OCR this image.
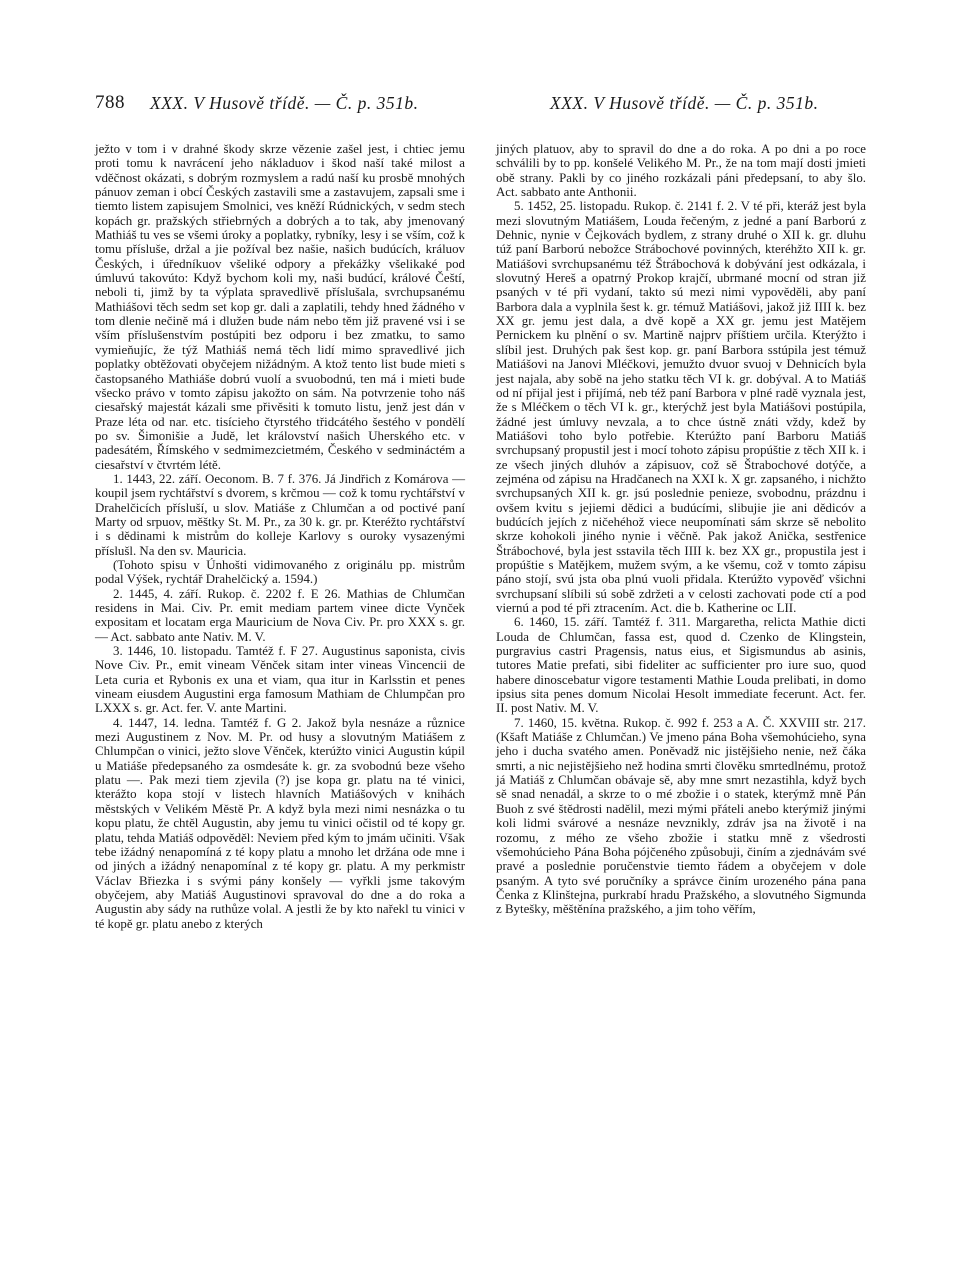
788 XXX. V Husově třídě. — Č. p. 351b.	XXX. V Husově třídě. — Č. p. 351b.

ježto v tom i v drahné škody skrze vězenie zašel jest, i chtiec jemu proti tomu k navrácení jeho nákladuov i škod naší také milost a vděčnost okázati, s dobrým rozmyslem a radú naší ku prosbě mnohých pánuov zeman i obcí Českých zastavili sme a zastavujem, zapsali sme i tiemto listem zapisujem Smolnici, ves kněží Rúdnických, v sedm stech kopách gr. pražských střiebrných a dobrých a to tak, aby jmenovaný Mathiáš tu ves se všemi úroky a poplatky, rybníky, lesy i se vším, což k tomu přísluše, držal a jie požíval bez našie, našich budúcích, králuov Českých, i úředníkuov všeliké odpory a překážky všelikaké pod úmluvú takovúto: Když bychom koli my, naši budúcí, králové Čeští, neboli ti, jimž by ta výplata spravedlivě příslušala, svrchupsanému Mathiášovi těch sedm set kop gr. dali a zaplatili, tehdy hned žádného v tom dlenie nečině má i dlužen bude nám nebo těm již pravené vsi i se vším příslušenstvím postúpiti bez odporu i bez zmatku, to samo vymieňujíc, že týž Mathiáš nemá těch lidí mimo spravedlivé jich poplatky obtěžovati obyčejem nižádným. A ktož tento list bude mieti s častopsaného Mathiáše dobrú vuolí a svuobodnú, ten má i mieti bude všecko právo v tomto zápisu jakožto on sám. Na potvrzenie toho náš ciesařský majestát kázali sme přivěsiti k tomuto listu, jenž jest dán v Praze léta od nar. etc. tisícieho čtyrstého třidcátého šestého v pondělí po sv. Šimonišie a Judě, let království našich Uherského etc. v padesátém, Římského v sedmimezcietmém, Českého v sedmináctém a ciesařství v čtvrtém létě.

1. 1443, 22. září. Oeconom. B. 7 f. 376. Já Jindřich z Komárova — koupil jsem rychtářství s dvorem, s krčmou — což k tomu rychtářství v Drahelčicích přísluší, u slov. Matiáše z Chlumčan a od poctivé paní Marty od srpuov, měštky St. M. Pr., za 30 k. gr. pr. Kteréžto rychtářství i s dědinami k mistrům do kolleje Karlovy s ouroky vysazenými příslušl. Na den sv. Mauricia.

(Tohoto spisu v Únhošti vidimovaného z originálu pp. mistrům podal Výšek, rychtář Drahelčický a. 1594.)

2. 1445, 4. září. Rukop. č. 2202 f. E 26. Mathias de Chlumčan residens in Mai. Civ. Pr. emit mediam partem vinee dicte Vynček expositam et locatam erga Mauricium de Nova Civ. Pr. pro XXX s. gr. — Act. sabbato ante Nativ. M. V.

3. 1446, 10. listopadu. Tamtéž f. F 27. Augustinus saponista, civis Nove Civ. Pr., emit vineam Věnček sitam inter vineas Vincencii de Leta curia et Rybonis ex una et viam, qua itur in Karlsstin et penes vineam eiusdem Augustini erga famosum Mathiam de Chlumpčan pro LXXX s. gr. Act. fer. V. ante Martini.

4. 1447, 14. ledna. Tamtéž f. G 2. Jakož byla nesnáze a různice mezi Augustinem z Nov. M. Pr. od husy a slovutným Matiášem z Chlumpčan o vinici, ježto slove Věnček, kterúžto vinici Augustin kúpil u Matiáše předepsaného za osmdesáte k. gr. za svobodnú beze všeho platu —. Pak mezi tiem zjevila (?) jse kopa gr. platu na té vinici, kterážto kopa stojí v listech hlavních Matiášových v knihách městských v Velikém Městě Pr. A když byla mezi nimi nesnázka o tu kopu platu, že chtěl Augustin, aby jemu tu vinici očistil od té kopy gr. platu, tehda Matiáš odpověděl: Neviem před kým to jmám učiniti. Však tebe ižádný nenapomíná z té kopy platu a mnoho let držána ode mne i od jiných a ižádný nenapomínal z té kopy gr. platu. A my perkmistr Václav Břiezka i s svými pány konšely — vyřkli jsme takovým obyčejem, aby Matiáš Augustinovi spravoval do dne a do roka a Augustin aby sády na ruthůze volal. A jestli že by kto nařekl tu vinici v té kopě gr. platu anebo z kterých

jiných platuov, aby to spravil do dne a do roka. A po dni a po roce schválili by to pp. konšelé Velikého M. Pr., že na tom mají dosti jmieti obě strany. Pakli by co jiného rozkázali páni předepsaní, to aby šlo. Act. sabbato ante Anthonii.

5. 1452, 25. listopadu. Rukop. č. 2141 f. 2. V té při, kteráž jest byla mezi slovutným Matiášem, Louda řečeným, z jedné a paní Barború z Dehnic, nynie v Čejkovách bydlem, z strany druhé o XII k. gr. dluhu túž paní Barború nebožce Strábochové povinných, kteréhžto XII k. gr. Matiášovi svrchupsanému též Štrábochová k dobývání jest odkázala, i slovutný Hereš a opatrný Prokop krajčí, ubrmané mocní od stran již psaných v té při vydaní, takto sú mezi nimi vypověděli, aby paní Barbora dala a vyplnila šest k. gr. témuž Matiášovi, jakož již IIII k. bez XX gr. jemu jest dala, a dvě kopě a XX gr. jemu jest Matějem Pernickem ku plnění o sv. Martině najprv příštiem určila. Kterýžto i slíbil jest. Druhých pak šest kop. gr. paní Barbora sstúpila jest témuž Matiášovi na Janovi Mléčkovi, jemužto dvuor svuoj v Dehnicích byla jest najala, aby sobě na jeho statku těch VI k. gr. dobýval. A to Matiáš od ní přijal jest i přijímá, neb též paní Barbora v plné radě vyznala jest, že s Mléčkem o těch VI k. gr., kterýchž jest byla Matiášovi postúpila, žádné jest úmluvy nevzala, a to chce ústně znáti vždy, kdež by Matiášovi toho bylo potřebie. Kterúžto paní Barboru Matiáš svrchupsaný propustil jest i mocí tohoto zápisu propúštie z těch XII k. i ze všech jiných dluhóv a zápisuov, což sě Štrabochové dotýče, a zejména od zápisu na Hradčanech na XXI k. X gr. zapsaného, i nichžto svrchupsaných XII k. gr. jsú poslednie penieze, svobodnu, prázdnu i ovšem kvitu s jejiemi dědici a budúcími, slibujie jie ani dědicóv a budúcích jejích z ničehéhož viece neupomínati sám skrze sě nebolito skrze kohokoli jiného nynie i věčně. Pak jakož Anička, sestřenice Štrábochové, byla jest sstavila těch IIII k. bez XX gr., propustila jest i propúštie s Matějkem, mužem svým, a ke všemu, což v tomto zápisu páno stojí, svú jsta oba plnú vuoli přidala. Kterúžto vypověď všichni svrchupsaní slíbili sú sobě zdržeti a v celosti zachovati pode ctí a pod viernú a pod té při ztracením. Act. die b. Katherine oc LII.

6. 1460, 15. září. Tamtéž f. 311. Margaretha, relicta Mathie dicti Louda de Chlumčan, fassa est, quod d. Czenko de Klingstein, purgravius castri Pragensis, natus eius, et Sigismundus ab asinis, tutores Matie prefati, sibi fideliter ac sufficienter pro iure suo, quod habere dinoscebatur vigore testamenti Mathie Louda prelibati, in domo ipsius sita penes domum Nicolai Hesolt immediate fecerunt. Act. fer. II. post Nativ. M. V.

7. 1460, 15. května. Rukop. č. 992 f. 253 a A. Č. XXVIII str. 217. (Kšaft Matiáše z Chlumčan.) Ve jmeno pána Boha všemohúcieho, syna jeho i ducha svatého amen. Poněvadž nic jistějšieho nenie, než čáka smrti, a nic nejistějšieho než hodina smrti člověku smrtedlnému, protož já Matiáš z Chlumčan obávaje sě, aby mne smrt nezastihla, když bych sě snad nenadál, a skrze to o mé zbožie i o statek, kterýmž mně Pán Buoh z své štědrosti nadělil, mezi mými přáteli anebo kterýmiž jinými koli lidmi svárové a nesnáze nevznikly, zdráv jsa na životě i na rozomu, z mého ze všeho zbožie i statku mně z všedrosti všemohúcieho Pána Boha pójčeného způsobuji, činím a zjednávám své pravé a poslednie poručenstvie tiemto řádem a obyčejem v dole psaným. A tyto své poručníky a správce činím urozeného pána pana Čenka z Klinštejna, purkrabí hradu Pražského, a slovutného Sigmunda z Bytešky, měštěnína pražského, a jim toho věřím,
